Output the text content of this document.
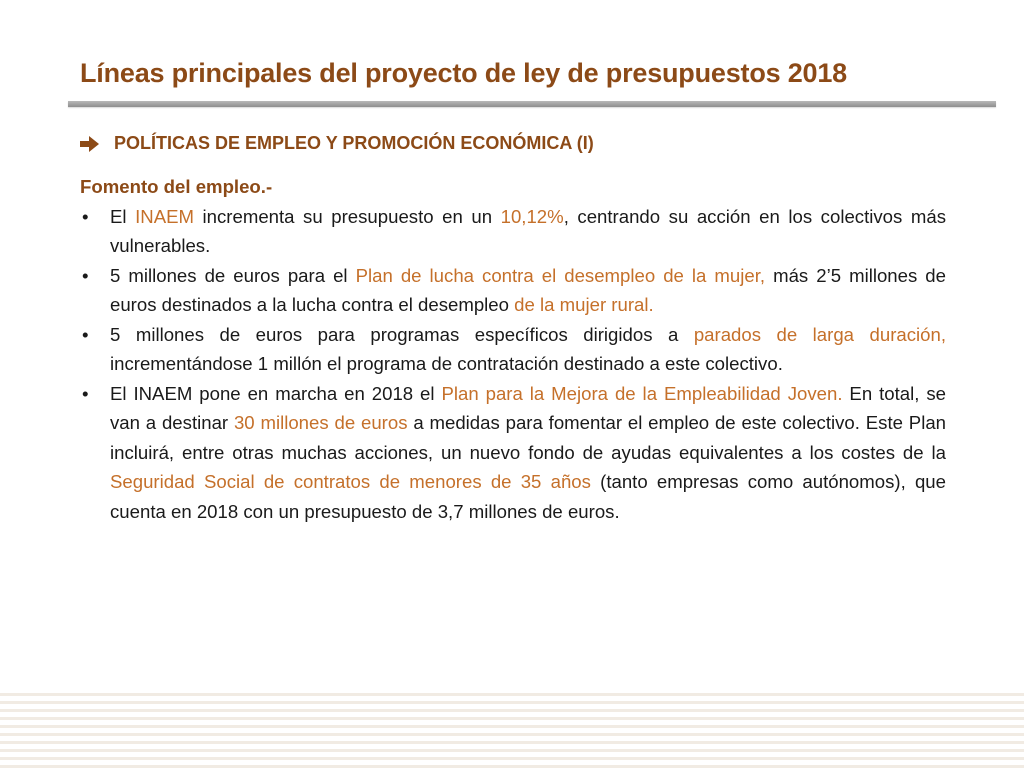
Líneas principales del proyecto de ley de presupuestos 2018
POLÍTICAS DE EMPLEO Y PROMOCIÓN ECONÓMICA (I)

Fomento del empleo.-

• El INAEM incrementa su presupuesto en un 10,12%, centrando su acción en los colectivos más vulnerables.
• 5 millones de euros para el Plan de lucha contra el desempleo de la mujer, más 2’5 millones de euros destinados a la lucha contra el desempleo de la mujer rural.
• 5 millones de euros para programas específicos dirigidos a parados de larga duración, incrementándose 1 millón el programa de contratación destinado a este colectivo.
• El INAEM pone en marcha en 2018 el Plan para la Mejora de la Empleabilidad Joven. En total, se van a destinar 30 millones de euros a medidas para fomentar el empleo de este colectivo. Este Plan incluirá, entre otras muchas acciones, un nuevo fondo de ayudas equivalentes a los costes de la Seguridad Social de contratos de menores de 35 años (tanto empresas como autónomos), que cuenta en 2018 con un presupuesto de 3,7 millones de euros.
